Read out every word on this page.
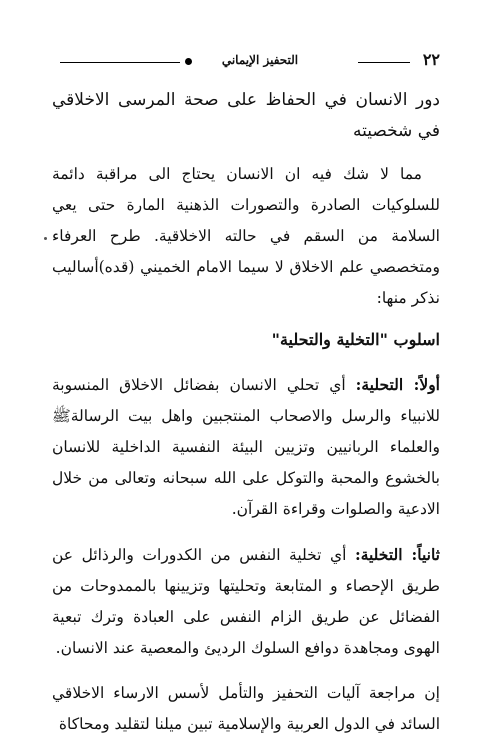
٢٢
التحفيز الإيماني

دور الانسان في الحفاظ على صحة المرسى الاخلاقي في شخصيته

مما لا شك فيه ان الانسان يحتاج الى مراقبة دائمة للسلوكيات الصادرة والتصورات الذهنية المارة حتى يعي السلامة من السقم في حالته الاخلاقية. طرح العرفاء ومتخصصي علم الاخلاق لا سيما الامام الخميني (قده)أساليب نذكر منها:

اسلوب "التخلية والتحلية"

أولاً: التحلية: أي تحلي الانسان بفضائل الاخلاق المنسوبة للانبياء والرسل والاصحاب المنتجبين واهل بيت الرسالةﷺ والعلماء الربانيين وتزيين البيئة النفسية الداخلية للانسان بالخشوع والمحبة والتوكل على الله سبحانه وتعالى من خلال الادعية والصلوات وقراءة القرآن.

ثانياً: التخلية: أي تخلية النفس من الكدورات والرذائل عن طريق الإحصاء و المتابعة وتحليتها وتزيينها بالممدوحات من الفضائل عن طريق الزام النفس على العبادة وترك تبعية الهوى ومجاهدة دوافع السلوك الرديئ والمعصية عند الانسان.

إن مراجعة آليات التحفيز والتأمل لأسس الارساء الاخلاقي السائد في الدول العربية والإسلامية تبين ميلنا لتقليد ومحاكاة
